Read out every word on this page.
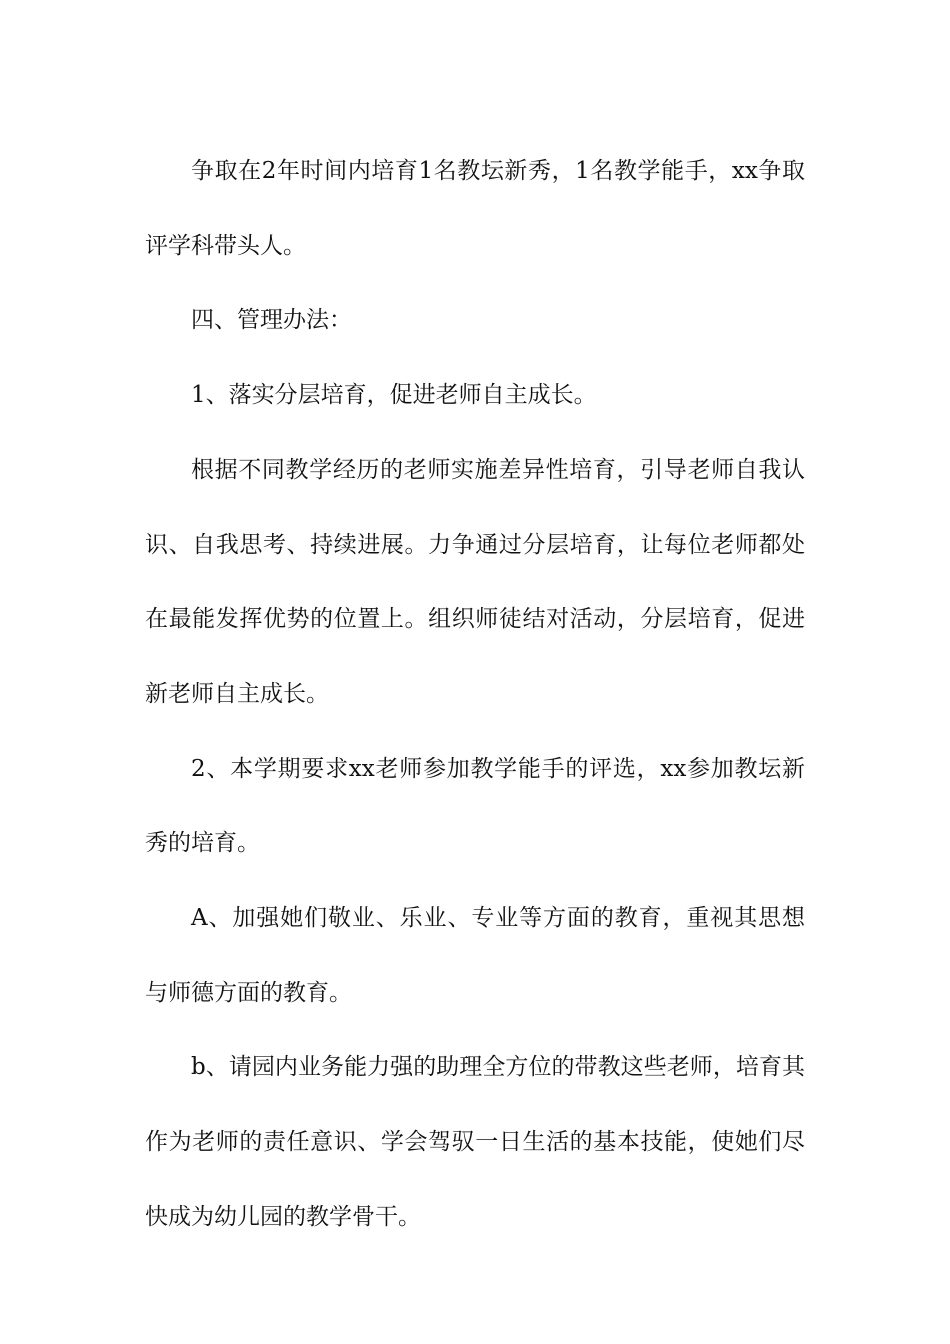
争取在2年时间内培育1名教坛新秀，1名教学能手，xx争取评学科带头人。

四、管理办法：

1、落实分层培育，促进老师自主成长。

根据不同教学经历的老师实施差异性培育，引导老师自我认识、自我思考、持续进展。力争通过分层培育，让每位老师都处在最能发挥优势的位置上。组织师徒结对活动，分层培育，促进新老师自主成长。

2、本学期要求xx老师参加教学能手的评选，xx参加教坛新秀的培育。

A、加强她们敬业、乐业、专业等方面的教育，重视其思想与师德方面的教育。

b、请园内业务能力强的助理全方位的带教这些老师，培育其作为老师的责任意识、学会驾驭一日生活的基本技能，使她们尽快成为幼儿园的教学骨干。
